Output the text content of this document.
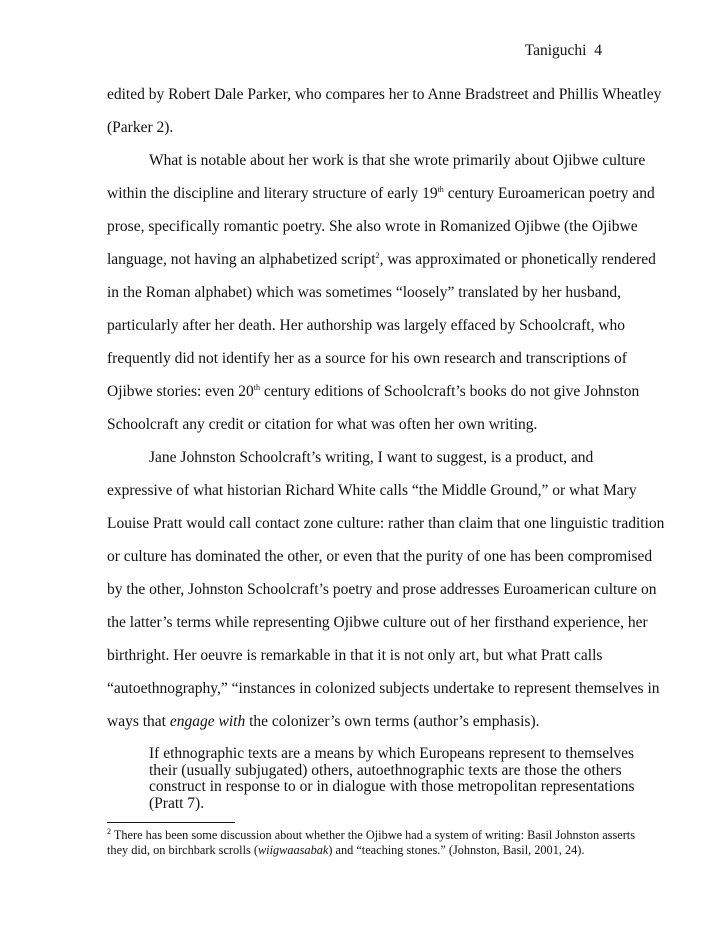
Taniguchi 4
edited by Robert Dale Parker, who compares her to Anne Bradstreet and Phillis Wheatley
(Parker 2).
What is notable about her work is that she wrote primarily about Ojibwe culture
within the discipline and literary structure of early 19th century Euroamerican poetry and
prose, specifically romantic poetry. She also wrote in Romanized Ojibwe (the Ojibwe
language, not having an alphabetized script$^2$, was approximated or phonetically rendered
in the Roman alphabet) which was sometimes “loosely” translated by her husband,
particularly after her death. Her authorship was largely effaced by Schoolcraft, who
frequently did not identify her as a source for his own research and transcriptions of
Ojibwe stories: even 20th century editions of Schoolcraft’s books do not give Johnston
Schoolcraft any credit or citation for what was often her own writing.
Jane Johnston Schoolcraft’s writing, I want to suggest, is a product, and
expressive of what historian Richard White calls “the Middle Ground,” or what Mary
Louise Pratt would call contact zone culture: rather than claim that one linguistic tradition
or culture has dominated the other, or even that the purity of one has been compromised
by the other, Johnston Schoolcraft’s poetry and prose addresses Euroamerican culture on
the latter’s terms while representing Ojibwe culture out of her firsthand experience, her
birthright. Her oeuvre is remarkable in that it is not only art, but what Pratt calls
“autoethnography,” “instances in colonized subjects undertake to represent themselves in
ways that engage with the colonizer’s own terms (author’s emphasis).
If ethnographic texts are a means by which Europeans represent to themselves
their (usually subjugated) others, autoethnographic texts are those the others
construct in response to or in dialogue with those metropolitan representations
(Pratt 7).
$^2$ There has been some discussion about whether the Ojibwe had a system of writing: Basil Johnston asserts
they did, on birchbark scrolls (wiigwaasabak) and “teaching stones.” (Johnston, Basil, 2001, 24).
